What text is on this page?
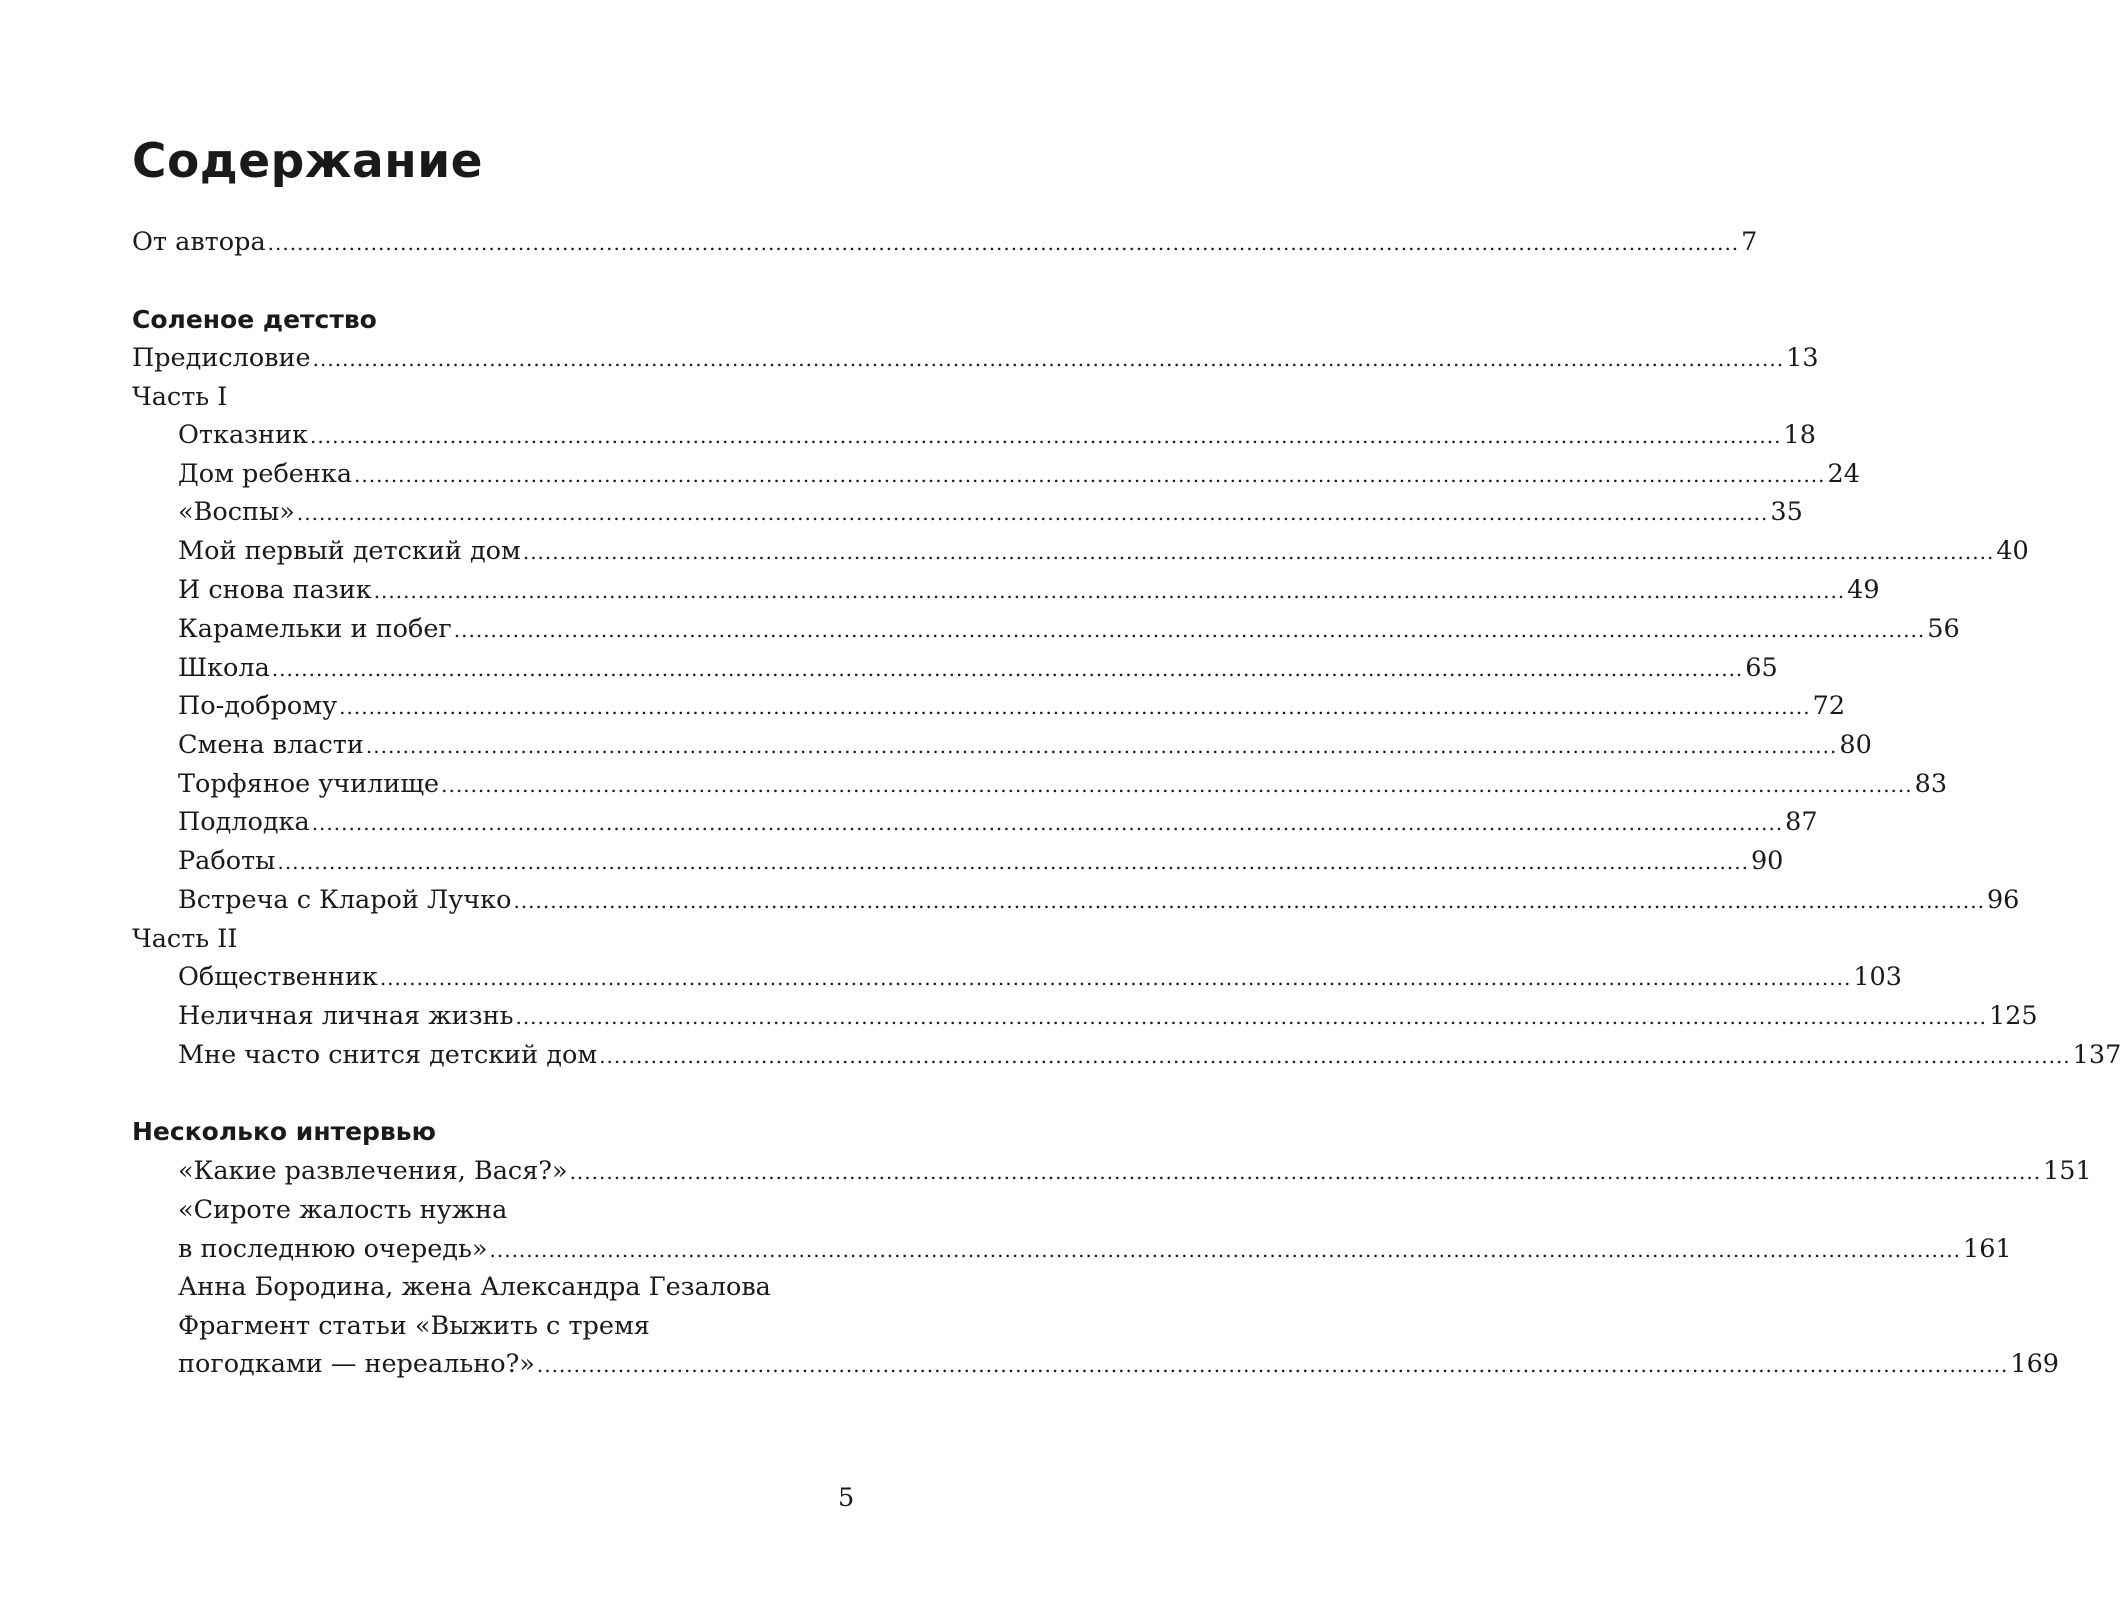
Содержание
От автора ........................................................................................................................................................................................................ 7
Соленое детство
Предисловие ........................................................................................................................................................................................................ 13
Часть I
Отказник ........................................................................................................................................................................................................ 18
Дом ребенка ........................................................................................................................................................................................................ 24
«Воспы» ........................................................................................................................................................................................................ 35
Мой первый детский дом ........................................................................................................................................................................................................ 40
И снова пазик ........................................................................................................................................................................................................ 49
Карамельки и побег ........................................................................................................................................................................................................ 56
Школа ........................................................................................................................................................................................................ 65
По-доброму ........................................................................................................................................................................................................ 72
Смена власти ........................................................................................................................................................................................................ 80
Торфяное училище ........................................................................................................................................................................................................ 83
Подлодка ........................................................................................................................................................................................................ 87
Работы ........................................................................................................................................................................................................ 90
Встреча с Кларой Лучко ........................................................................................................................................................................................................ 96
Часть II
Общественник ........................................................................................................................................................................................................ 103
Неличная личная жизнь ........................................................................................................................................................................................................ 125
Мне часто снится детский дом ........................................................................................................................................................................................................ 137
Несколько интервью
«Какие развлечения, Вася?» ........................................................................................................................................................................................................ 151
«Сироте жалость нужна
в последнюю очередь» ........................................................................................................................................................................................................ 161
Анна Бородина, жена Александра Гезалова
Фрагмент статьи «Выжить с тремя
погодками — нереально?» ........................................................................................................................................................................................................ 169
5
